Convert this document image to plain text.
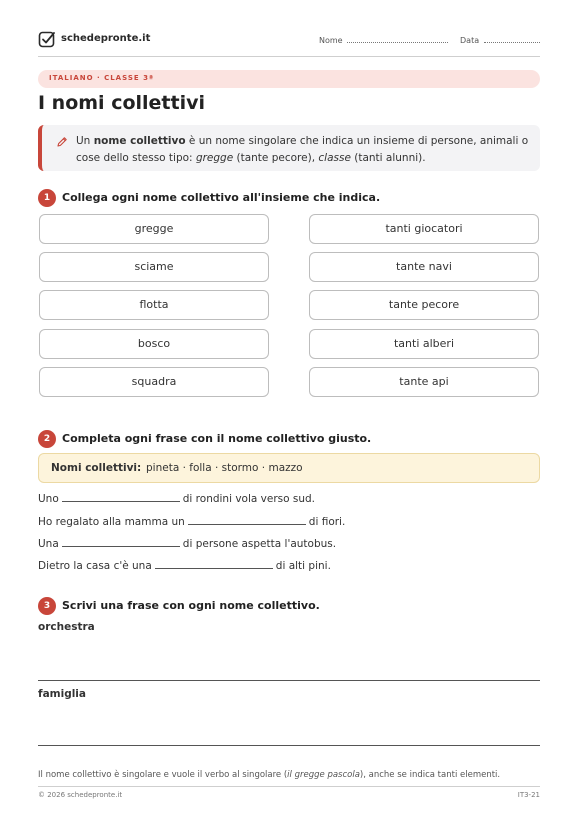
schedepronte.it	Nome	Data
ITALIANO · CLASSE 3ª
I nomi collettivi
Un nome collettivo è un nome singolare che indica un insieme di persone, animali o cose dello stesso tipo: gregge (tante pecore), classe (tanti alunni).
1 Collega ogni nome collettivo all'insieme che indica.
gregge
sciame
flotta
bosco
squadra
tanti giocatori
tante navi
tante pecore
tanti alberi
tante api
2 Completa ogni frase con il nome collettivo giusto.
Nomi collettivi: pineta · folla · stormo · mazzo
Uno	di rondini vola verso sud.
Ho regalato alla mamma un	di fiori.
Una	di persone aspetta l'autobus.
Dietro la casa c'è una	di alti pini.
3 Scrivi una frase con ogni nome collettivo.
orchestra
famiglia
Il nome collettivo è singolare e vuole il verbo al singolare (il gregge pascola), anche se indica tanti elementi.
© 2026 schedepronte.it	IT3-21
